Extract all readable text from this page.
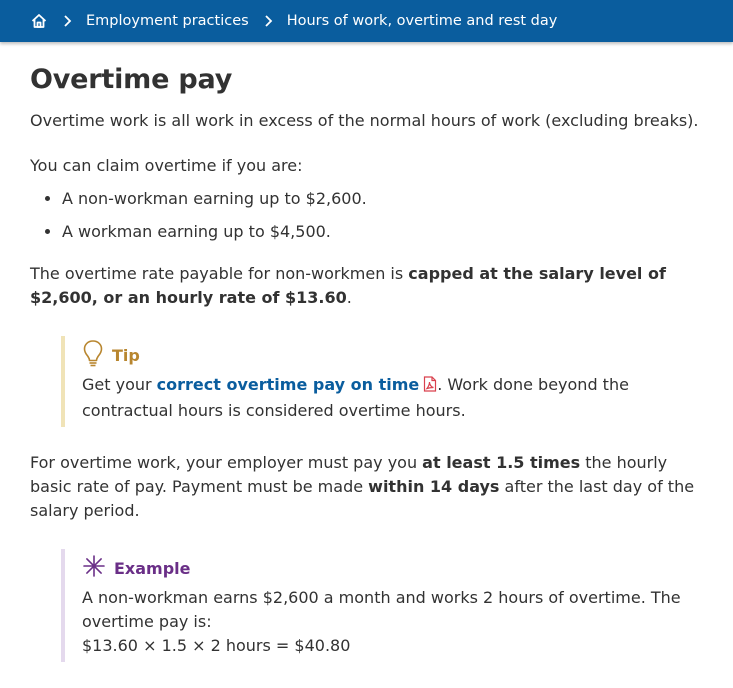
Employment practices	Hours of work, overtime and rest day
Overtime pay

Overtime work is all work in excess of the normal hours of work (excluding breaks).

You can claim overtime if you are:

• A non-workman earning up to $2,600.
• A workman earning up to $4,500.

The overtime rate payable for non-workmen is capped at the salary level of $2,600, or an hourly rate of $13.60.

Tip

Get your correct overtime pay on time . Work done beyond the contractual hours is considered overtime hours.

For overtime work, your employer must pay you at least 1.5 times the hourly basic rate of pay. Payment must be made within 14 days after the last day of the salary period.

Example

A non-workman earns $2,600 a month and works 2 hours of overtime. The overtime pay is:

$13.60 × 1.5 × 2 hours = $40.80
